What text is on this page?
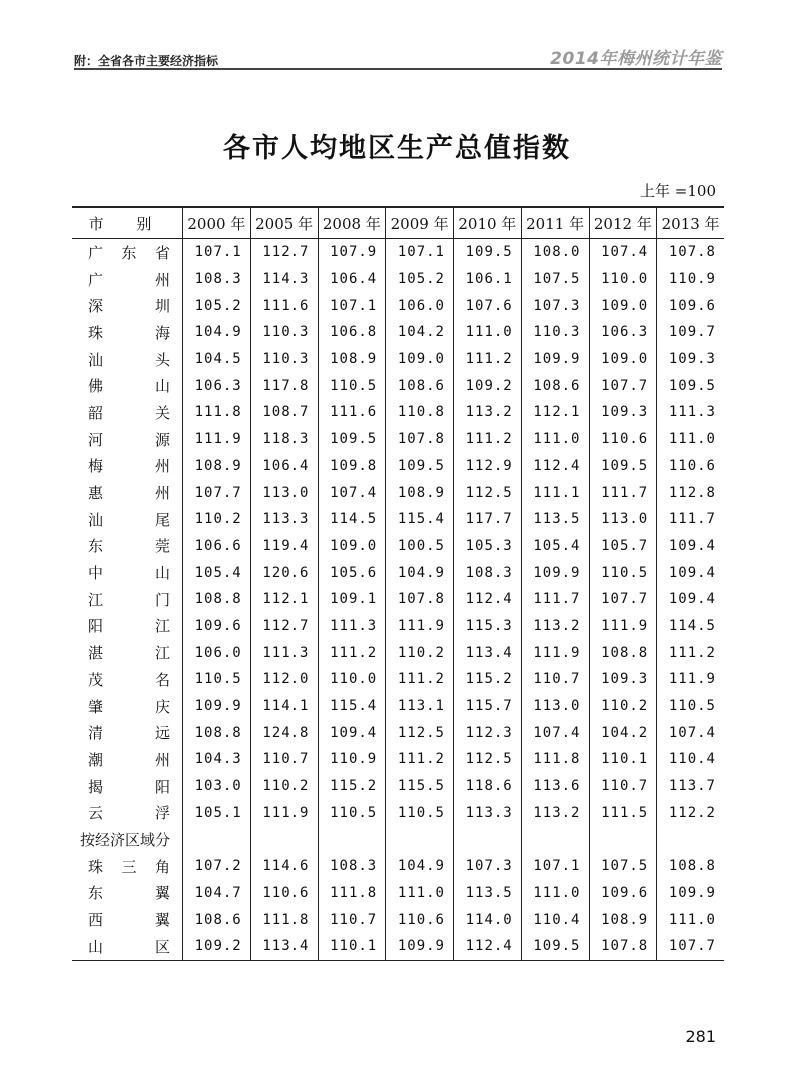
附：全省各市主要经济指标	2014年梅州统计年鉴
各市人均地区生产总值指数
上年 =100
市 别	2000 年	2005 年	2008 年	2009 年	2010 年	2011 年	2012 年	2013 年
广东省	107.1	112.7	107.9	107.1	109.5	108.0	107.4	107.8
广州	108.3	114.3	106.4	105.2	106.1	107.5	110.0	110.9
深圳	105.2	111.6	107.1	106.0	107.6	107.3	109.0	109.6
珠海	104.9	110.3	106.8	104.2	111.0	110.3	106.3	109.7
汕头	104.5	110.3	108.9	109.0	111.2	109.9	109.0	109.3
佛山	106.3	117.8	110.5	108.6	109.2	108.6	107.7	109.5
韶关	111.8	108.7	111.6	110.8	113.2	112.1	109.3	111.3
河源	111.9	118.3	109.5	107.8	111.2	111.0	110.6	111.0
梅州	108.9	106.4	109.8	109.5	112.9	112.4	109.5	110.6
惠州	107.7	113.0	107.4	108.9	112.5	111.1	111.7	112.8
汕尾	110.2	113.3	114.5	115.4	117.7	113.5	113.0	111.7
东莞	106.6	119.4	109.0	100.5	105.3	105.4	105.7	109.4
中山	105.4	120.6	105.6	104.9	108.3	109.9	110.5	109.4
江门	108.8	112.1	109.1	107.8	112.4	111.7	107.7	109.4
阳江	109.6	112.7	111.3	111.9	115.3	113.2	111.9	114.5
湛江	106.0	111.3	111.2	110.2	113.4	111.9	108.8	111.2
茂名	110.5	112.0	110.0	111.2	115.2	110.7	109.3	111.9
肇庆	109.9	114.1	115.4	113.1	115.7	113.0	110.2	110.5
清远	108.8	124.8	109.4	112.5	112.3	107.4	104.2	107.4
潮州	104.3	110.7	110.9	111.2	112.5	111.8	110.1	110.4
揭阳	103.0	110.2	115.2	115.5	118.6	113.6	110.7	113.7
云浮	105.1	111.9	110.5	110.5	113.3	113.2	111.5	112.2
按经济区域分								
珠三角	107.2	114.6	108.3	104.9	107.3	107.1	107.5	108.8
东翼	104.7	110.6	111.8	111.0	113.5	111.0	109.6	109.9
西翼	108.6	111.8	110.7	110.6	114.0	110.4	108.9	111.0
山区	109.2	113.4	110.1	109.9	112.4	109.5	107.8	107.7
281
